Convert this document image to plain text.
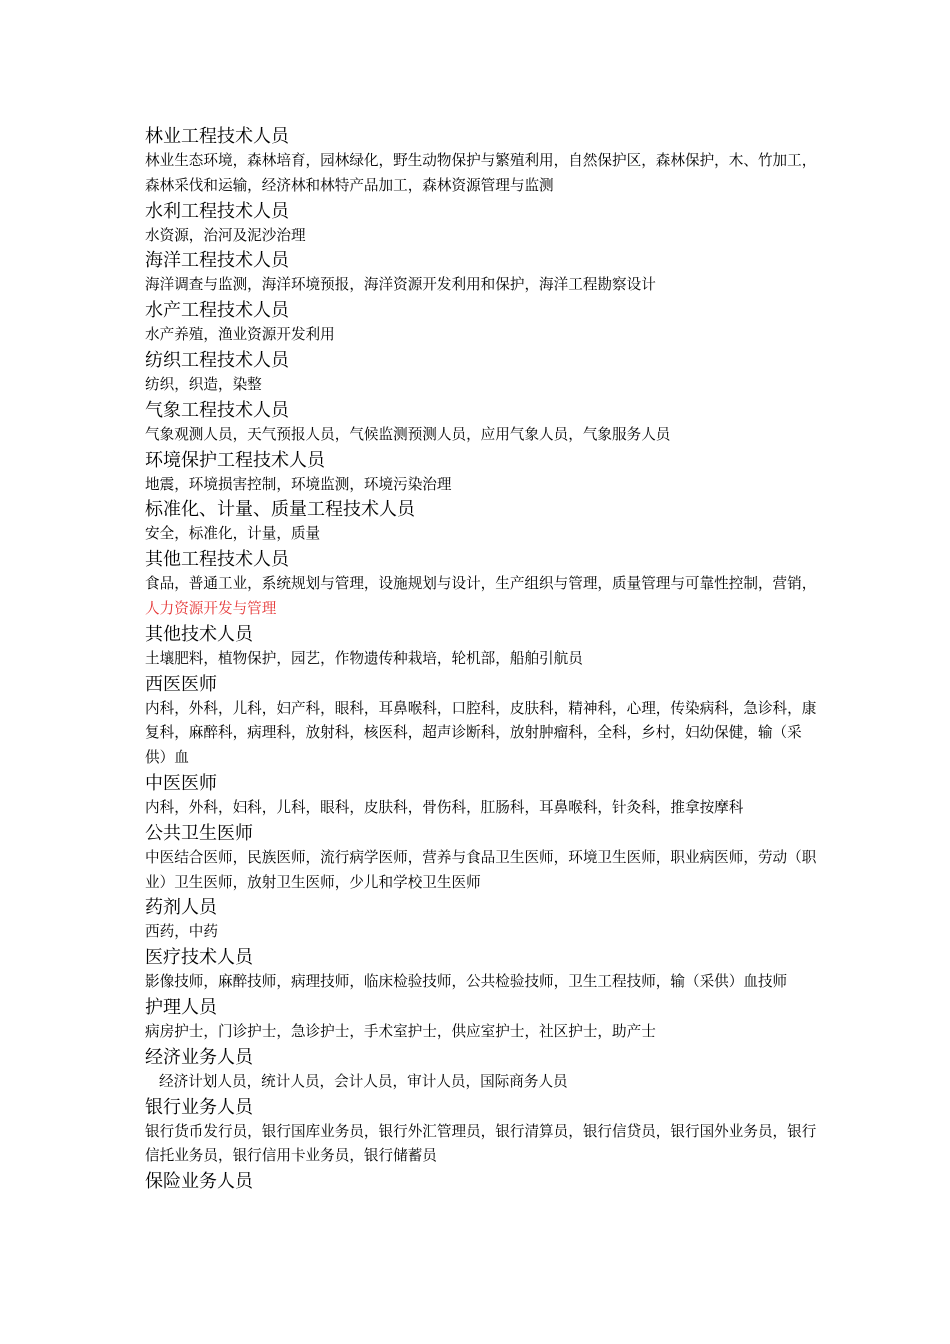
林业工程技术人员
林业生态环境，森林培育，园林绿化，野生动物保护与繁殖利用，自然保护区，森林保护，木、竹加工，森林采伐和运输，经济林和林特产品加工，森林资源管理与监测
水利工程技术人员
水资源，治河及泥沙治理
海洋工程技术人员
海洋调查与监测，海洋环境预报，海洋资源开发利用和保护，海洋工程勘察设计
水产工程技术人员
水产养殖，渔业资源开发利用
纺织工程技术人员
纺织，织造，染整
气象工程技术人员
气象观测人员，天气预报人员，气候监测预测人员，应用气象人员，气象服务人员
环境保护工程技术人员
地震，环境损害控制，环境监测，环境污染治理
标准化、计量、质量工程技术人员
安全，标准化，计量，质量
其他工程技术人员
食品，普通工业，系统规划与管理，设施规划与设计，生产组织与管理，质量管理与可靠性控制，营销，人力资源开发与管理
其他技术人员
土壤肥料，植物保护，园艺，作物遗传种栽培，轮机部，船舶引航员
西医医师
内科，外科，儿科，妇产科，眼科，耳鼻喉科，口腔科，皮肤科，精神科，心理，传染病科，急诊科，康复科，麻醉科，病理科，放射科，核医科，超声诊断科，放射肿瘤科，全科，乡村，妇幼保健，输（采供）血
中医医师
内科，外科，妇科，儿科，眼科，皮肤科，骨伤科，肛肠科，耳鼻喉科，针灸科，推拿按摩科
公共卫生医师
中医结合医师，民族医师，流行病学医师，营养与食品卫生医师，环境卫生医师，职业病医师，劳动（职业）卫生医师，放射卫生医师，少儿和学校卫生医师
药剂人员
西药，中药
医疗技术人员
影像技师，麻醉技师，病理技师，临床检验技师，公共检验技师，卫生工程技师，输（采供）血技师
护理人员
病房护士，门诊护士，急诊护士，手术室护士，供应室护士，社区护士，助产士
经济业务人员
经济计划人员，统计人员，会计人员，审计人员，国际商务人员
银行业务人员
银行货币发行员，银行国库业务员，银行外汇管理员，银行清算员，银行信贷员，银行国外业务员，银行信托业务员，银行信用卡业务员，银行储蓄员
保险业务人员
